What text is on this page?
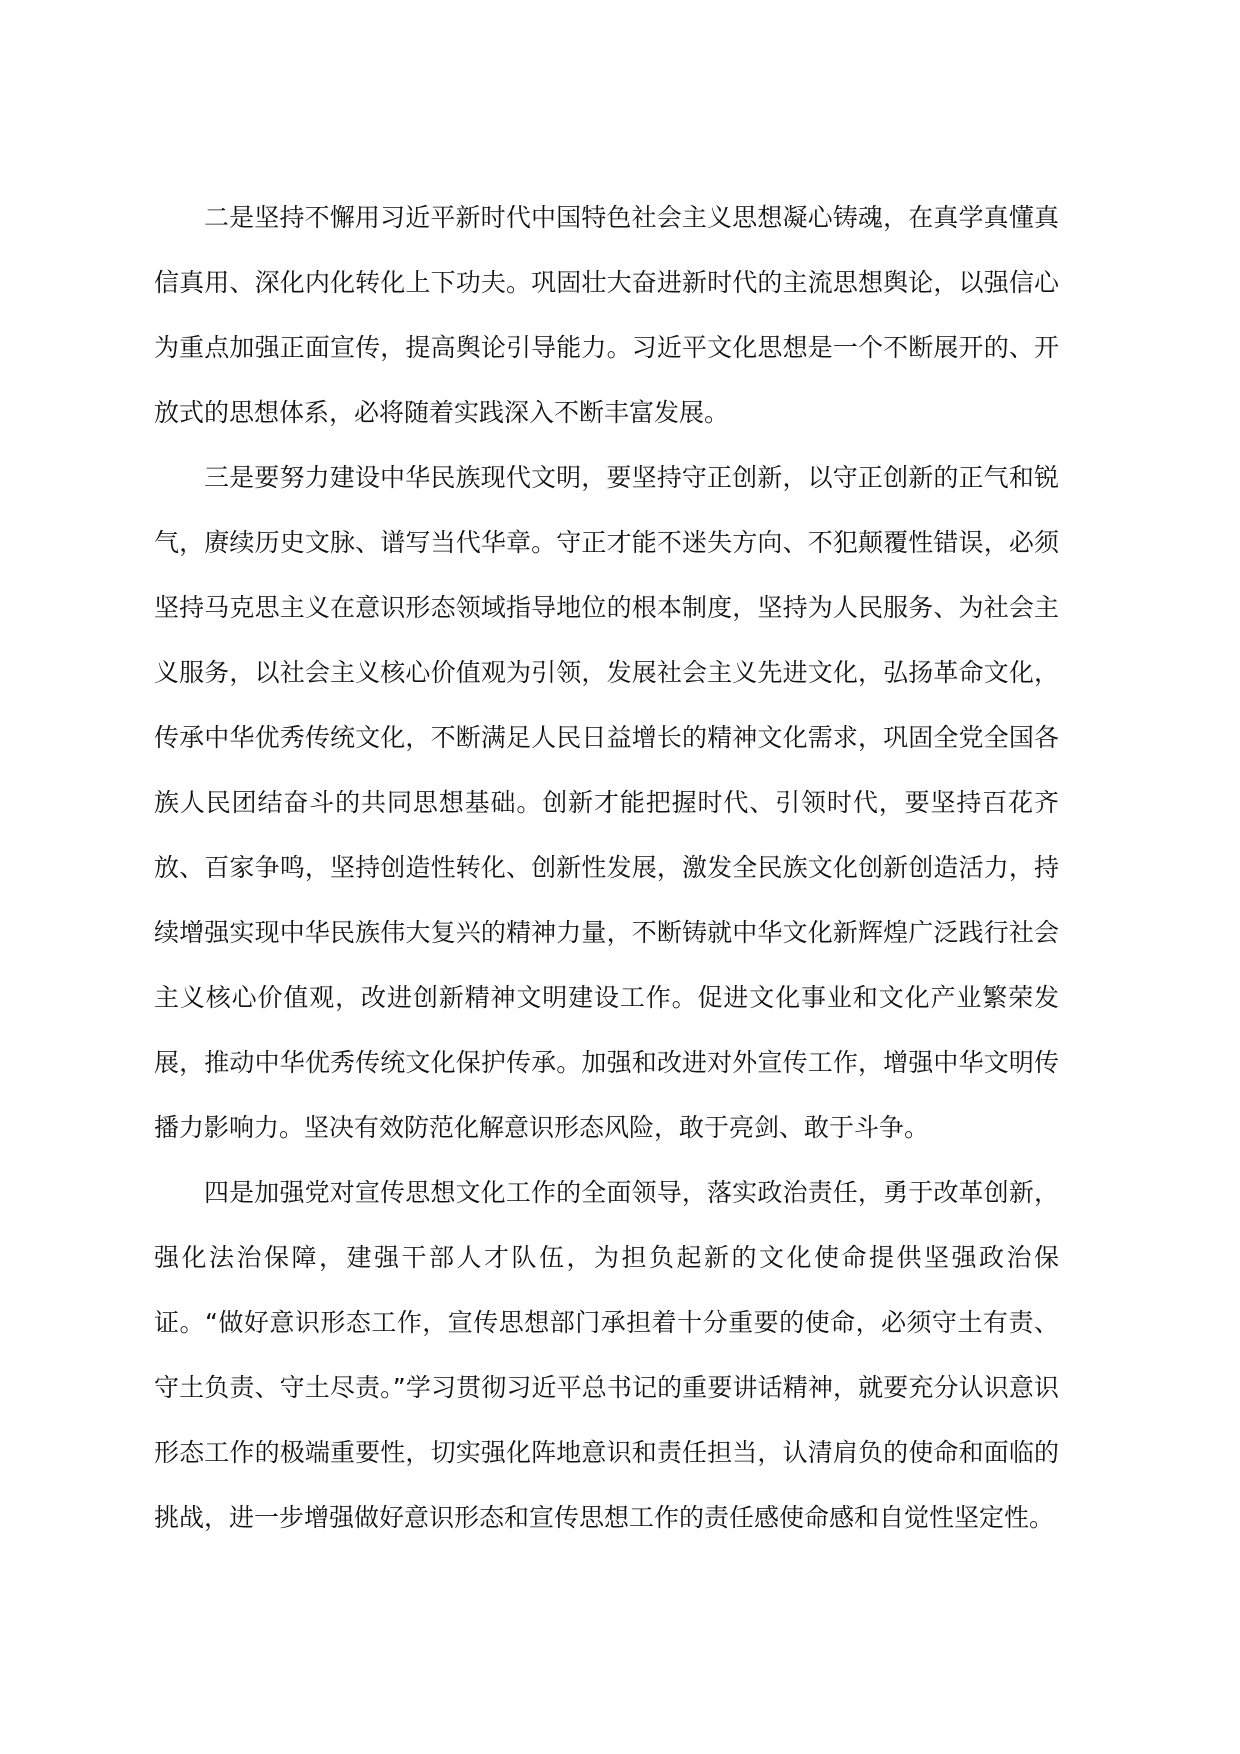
二是坚持不懈用习近平新时代中国特色社会主义思想凝心铸魂，在真学真懂真信真用、深化内化转化上下功夫。巩固壮大奋进新时代的主流思想舆论，以强信心为重点加强正面宣传，提高舆论引导能力。习近平文化思想是一个不断展开的、开放式的思想体系，必将随着实践深入不断丰富发展。

三是要努力建设中华民族现代文明，要坚持守正创新，以守正创新的正气和锐气，赓续历史文脉、谱写当代华章。守正才能不迷失方向、不犯颠覆性错误，必须坚持马克思主义在意识形态领域指导地位的根本制度，坚持为人民服务、为社会主义服务，以社会主义核心价值观为引领，发展社会主义先进文化，弘扬革命文化，传承中华优秀传统文化，不断满足人民日益增长的精神文化需求，巩固全党全国各族人民团结奋斗的共同思想基础。创新才能把握时代、引领时代，要坚持百花齐放、百家争鸣，坚持创造性转化、创新性发展，激发全民族文化创新创造活力，持续增强实现中华民族伟大复兴的精神力量，不断铸就中华文化新辉煌广泛践行社会主义核心价值观，改进创新精神文明建设工作。促进文化事业和文化产业繁荣发展，推动中华优秀传统文化保护传承。加强和改进对外宣传工作，增强中华文明传播力影响力。坚决有效防范化解意识形态风险，敢于亮剑、敢于斗争。

四是加强党对宣传思想文化工作的全面领导，落实政治责任，勇于改革创新，强化法治保障，建强干部人才队伍，为担负起新的文化使命提供坚强政治保证。“做好意识形态工作，宣传思想部门承担着十分重要的使命，必须守土有责、守土负责、守土尽责。”学习贯彻习近平总书记的重要讲话精神，就要充分认识意识形态工作的极端重要性，切实强化阵地意识和责任担当，认清肩负的使命和面临的挑战，进一步增强做好意识形态和宣传思想工作的责任感使命感和自觉性坚定性。
